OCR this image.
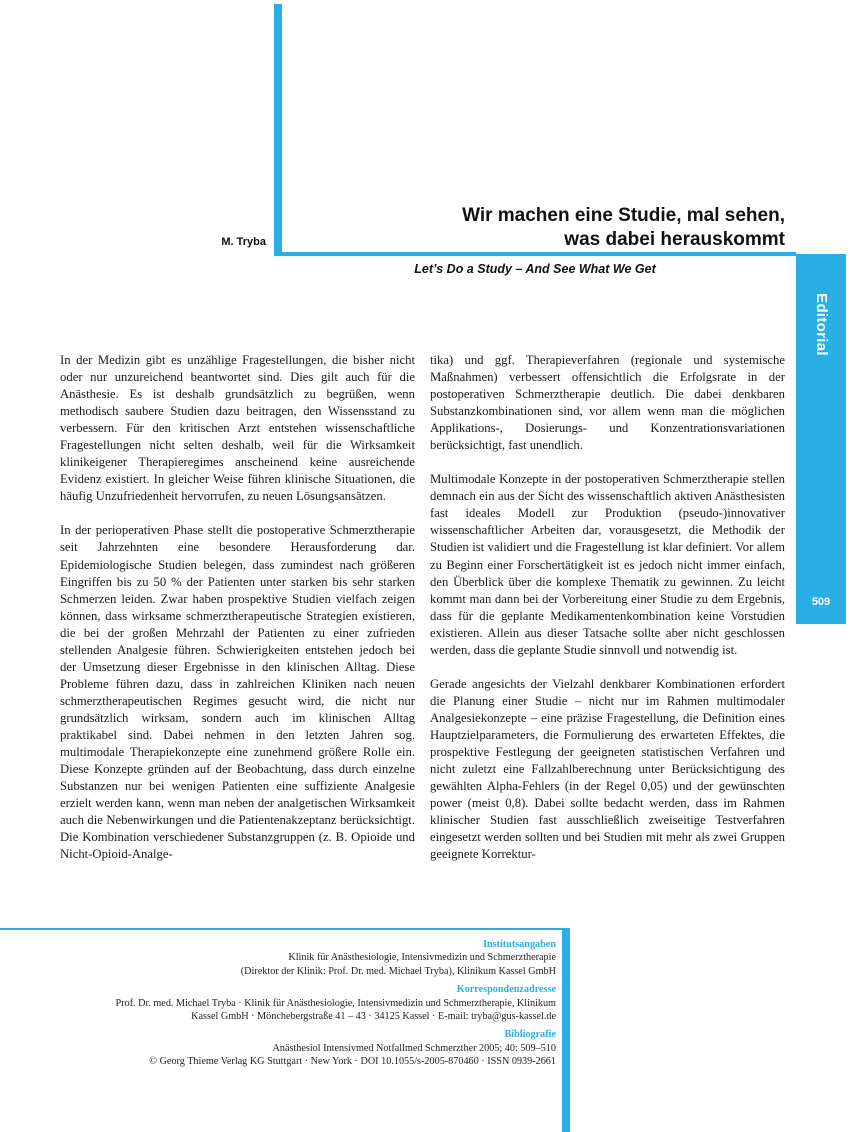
Editorial
509
Wir machen eine Studie, mal sehen,
was dabei herauskommt
M. Tryba
Let’s Do a Study – And See What We Get

In der Medizin gibt es unzählige Fragestellungen, die bisher nicht oder nur unzureichend beantwortet sind. Dies gilt auch für die Anästhesie. Es ist deshalb grundsätzlich zu begrüßen, wenn methodisch saubere Studien dazu beitragen, den Wissensstand zu verbessern. Für den kritischen Arzt entstehen wissenschaftliche Fragestellungen nicht selten deshalb, weil für die Wirksamkeit klinikeigener Therapieregimes anscheinend keine ausreichende Evidenz existiert. In gleicher Weise führen klinische Situationen, die häufig Unzufriedenheit hervorrufen, zu neuen Lösungsansätzen.

In der perioperativen Phase stellt die postoperative Schmerztherapie seit Jahrzehnten eine besondere Herausforderung dar. Epidemiologische Studien belegen, dass zumindest nach größeren Eingriffen bis zu 50 % der Patienten unter starken bis sehr starken Schmerzen leiden. Zwar haben prospektive Studien vielfach zeigen können, dass wirksame schmerztherapeutische Strategien existieren, die bei der großen Mehrzahl der Patienten zu einer zufrieden stellenden Analgesie führen. Schwierigkeiten entstehen jedoch bei der Umsetzung dieser Ergebnisse in den klinischen Alltag. Diese Probleme führen dazu, dass in zahlreichen Kliniken nach neuen schmerztherapeutischen Regimes gesucht wird, die nicht nur grundsätzlich wirksam, sondern auch im klinischen Alltag praktikabel sind. Dabei nehmen in den letzten Jahren sog. multimodale Therapiekonzepte eine zunehmend größere Rolle ein. Diese Konzepte gründen auf der Beobachtung, dass durch einzelne Substanzen nur bei wenigen Patienten eine suffiziente Analgesie erzielt werden kann, wenn man neben der analgetischen Wirksamkeit auch die Nebenwirkungen und die Patientenakzeptanz berücksichtigt. Die Kombination verschiedener Substanzgruppen (z. B. Opioide und Nicht-Opioid-Analge-

tika) und ggf. Therapieverfahren (regionale und systemische Maßnahmen) verbessert offensichtlich die Erfolgsrate in der postoperativen Schmerztherapie deutlich. Die dabei denkbaren Substanzkombinationen sind, vor allem wenn man die möglichen Applikations-, Dosierungs- und Konzentrationsvariationen berücksichtigt, fast unendlich.

Multimodale Konzepte in der postoperativen Schmerztherapie stellen demnach ein aus der Sicht des wissenschaftlich aktiven Anästhesisten fast ideales Modell zur Produktion (pseudo-)innovativer wissenschaftlicher Arbeiten dar, vorausgesetzt, die Methodik der Studien ist validiert und die Fragestellung ist klar definiert. Vor allem zu Beginn einer Forschertätigkeit ist es jedoch nicht immer einfach, den Überblick über die komplexe Thematik zu gewinnen. Zu leicht kommt man dann bei der Vorbereitung einer Studie zu dem Ergebnis, dass für die geplante Medikamentenkombination keine Vorstudien existieren. Allein aus dieser Tatsache sollte aber nicht geschlossen werden, dass die geplante Studie sinnvoll und notwendig ist.

Gerade angesichts der Vielzahl denkbarer Kombinationen erfordert die Planung einer Studie – nicht nur im Rahmen multimodaler Analgesiekonzepte – eine präzise Fragestellung, die Definition eines Hauptzielparameters, die Formulierung des erwarteten Effektes, die prospektive Festlegung der geeigneten statistischen Verfahren und nicht zuletzt eine Fallzahlberechnung unter Berücksichtigung des gewählten Alpha-Fehlers (in der Regel 0,05) und der gewünschten power (meist 0,8). Dabei sollte bedacht werden, dass im Rahmen klinischer Studien fast ausschließlich zweiseitige Testverfahren eingesetzt werden sollten und bei Studien mit mehr als zwei Gruppen geeignete Korrektur-

Institutsangaben
Klinik für Anästhesiologie, Intensivmedizin und Schmerztherapie
(Direktor der Klinik: Prof. Dr. med. Michael Tryba), Klinikum Kassel GmbH
Korrespondenzadresse
Prof. Dr. med. Michael Tryba · Klinik für Anästhesiologie, Intensivmedizin und Schmerztherapie, Klinikum
Kassel GmbH · Mönchebergstraße 41 – 43 · 34125 Kassel · E-mail: tryba@gus-kassel.de
Bibliografie
Anästhesiol Intensivmed Notfallmed Schmerzther 2005; 40: 509–510
© Georg Thieme Verlag KG Stuttgart · New York · DOI 10.1055/s-2005-870460 · ISSN 0939-2661
